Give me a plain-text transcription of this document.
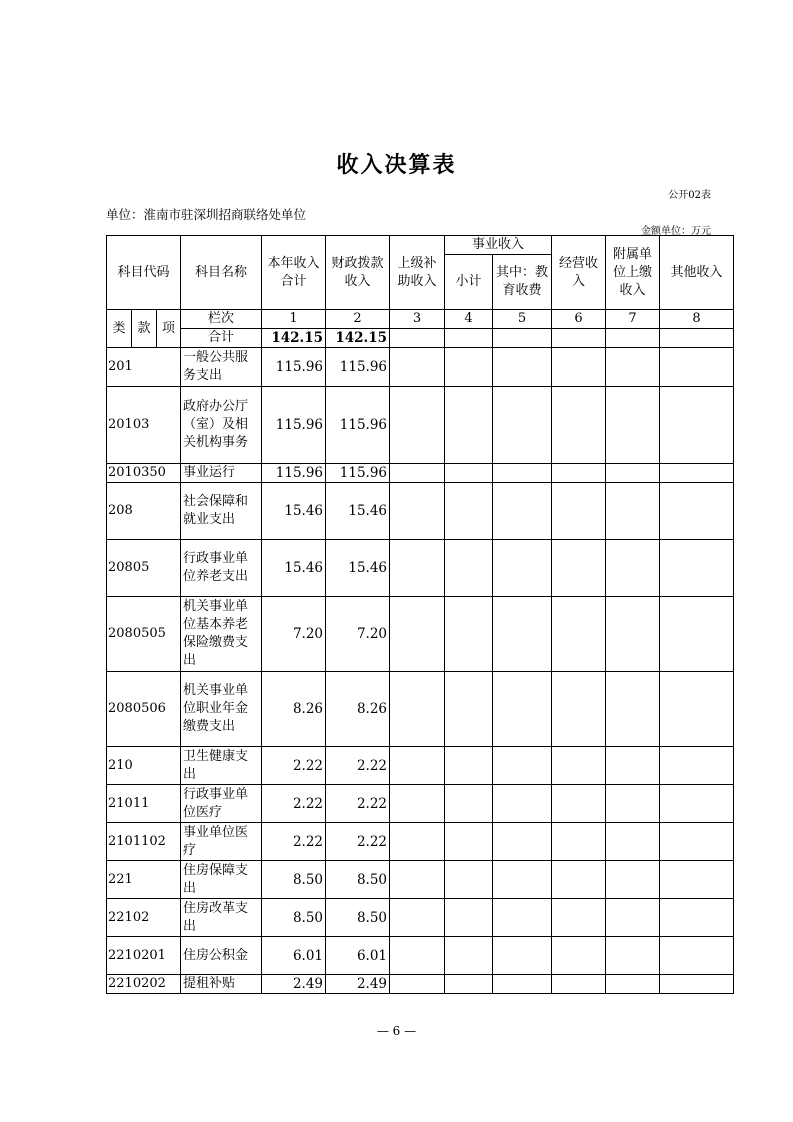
收入决算表
公开02表
单位：淮南市驻深圳招商联络处单位
金额单位：万元
科目代码			科目名称	本年收入合计	财政拨款收入	上级补助收入	事业收入		经营收入	附属单位上缴收入	其他收入
							小计	其中：教育收费			

类	款	项	栏次	1	2	3	4	5	6	7	8
			合计	142.15	142.15						
201			一般公共服务支出	115.96	115.96						
20103			政府办公厅（室）及相关机构事务	115.96	115.96						
2010350			事业运行	115.96	115.96						
208			社会保障和就业支出	15.46	15.46						
20805			行政事业单位养老支出	15.46	15.46						
2080505			机关事业单位基本养老保险缴费支出	7.20	7.20						
2080506			机关事业单位职业年金缴费支出	8.26	8.26						
210			卫生健康支出	2.22	2.22						
21011			行政事业单位医疗	2.22	2.22						
2101102			事业单位医疗	2.22	2.22						
221			住房保障支出	8.50	8.50						
22102			住房改革支出	8.50	8.50						
2210201			住房公积金	6.01	6.01						
2210202			提租补贴	2.49	2.49						
— 6 —
